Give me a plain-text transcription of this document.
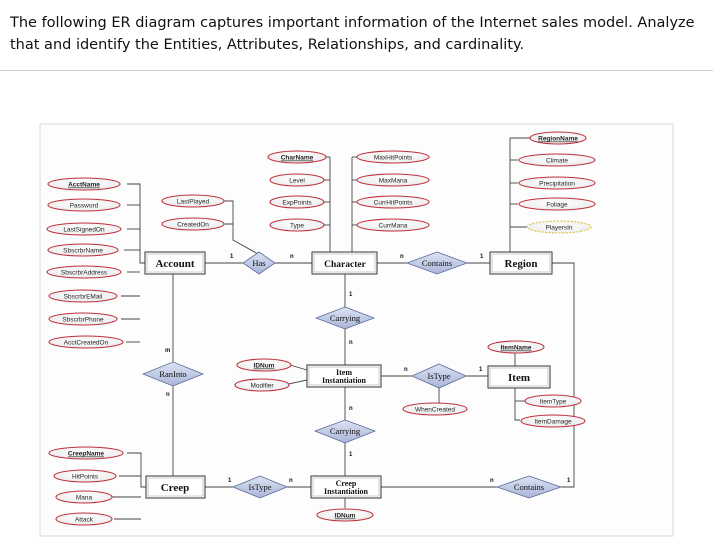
The following ER diagram captures important information of the Internet sales model. Analyze

that and identify the Entities, Attributes, Relationships, and cardinality.

Account	Character	Region
Item
Instantiation	Item
Creep	Creep
Instantiation
Has	Contains
Carrying
IsType
RanInto
Carrying
IsType	Contains
AcctName
Password
LastSignedOn
SbscrbrName
SbscrbrAddress
SbscrbrEMail
SbscrbrPhone
AcctCreatedOn
LastPlayed
CreatedOn
CharName
Level
ExpPoints
Type
MaxHitPoints
MaxMana
CurrHitPoints
CurrMana
RegionName
Climate
Precipitation
Foliage
PlayersIn
IDNum
Modifier
WhenCreated
ItemName
ItemType
ItemDamage
CreepName
HitPoints
Mana
Attack
IDNum
1	n	n	1
1
n
n	1
n
1
m
n
1	n	n	1
